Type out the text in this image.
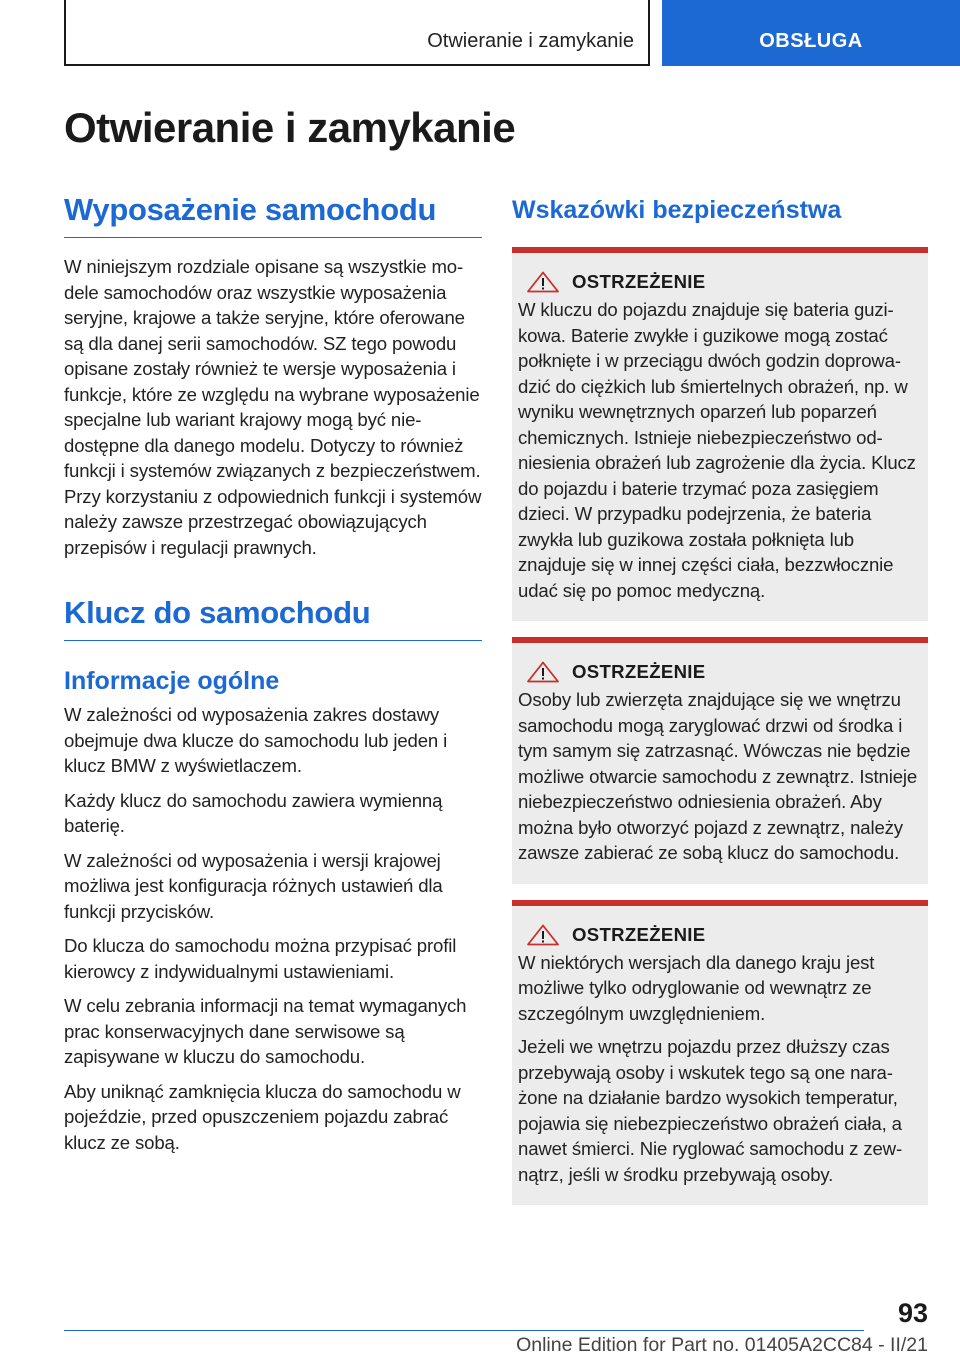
Otwieranie i zamykanie	OBSŁUGA
Otwieranie i zamykanie
Wyposażenie samochodu
W niniejszym rozdziale opisane są wszystkie modele samochodów oraz wszystkie wyposażenia seryjne, krajowe a także seryjne, które oferowane są dla danej serii samochodów. SZ tego powodu opisane zostały również te wersje wyposażenia i funkcje, które ze względu na wybrane wyposażenie specjalne lub wariant krajowy mogą być niedostępne dla danego modelu. Dotyczy to również funkcji i systemów związanych z bezpieczeństwem. Przy korzystaniu z odpowiednich funkcji i systemów należy zawsze przestrzegać obowiązujących przepisów i regulacji prawnych.
Klucz do samochodu
Informacje ogólne
W zależności od wyposażenia zakres dostawy obejmuje dwa klucze do samochodu lub jeden i klucz BMW z wyświetlaczem.
Każdy klucz do samochodu zawiera wymienną baterię.
W zależności od wyposażenia i wersji krajowej możliwa jest konfiguracja różnych ustawień dla funkcji przycisków.
Do klucza do samochodu można przypisać profil kierowcy z indywidualnymi ustawieniami.
W celu zebrania informacji na temat wymaganych prac konserwacyjnych dane serwisowe są zapisywane w kluczu do samochodu.
Aby uniknąć zamknięcia klucza do samochodu w pojeździe, przed opuszczeniem pojazdu zabrać klucz ze sobą.
Wskazówki bezpieczeństwa
OSTRZEŻENIE
W kluczu do pojazdu znajduje się bateria guzikowa. Baterie zwykłe i guzikowe mogą zostać połknięte i w przeciągu dwóch godzin doprowadzić do ciężkich lub śmiertelnych obrażeń, np. w wyniku wewnętrznych oparzeń lub poparzeń chemicznych. Istnieje niebezpieczeństwo odniesienia obrażeń lub zagrożenie dla życia. Klucz do pojazdu i baterie trzymać poza zasięgiem dzieci. W przypadku podejrzenia, że bateria zwykła lub guzikowa została połknięta lub znajduje się w innej części ciała, bezzwłocznie udać się po pomoc medyczną.
OSTRZEŻENIE
Osoby lub zwierzęta znajdujące się we wnętrzu samochodu mogą zaryglować drzwi od środka i tym samym się zatrzasnąć. Wówczas nie będzie możliwe otwarcie samochodu z zewnątrz. Istnieje niebezpieczeństwo odniesienia obrażeń. Aby można było otworzyć pojazd z zewnątrz, należy zawsze zabierać ze sobą klucz do samochodu.
OSTRZEŻENIE
W niektórych wersjach dla danego kraju jest możliwe tylko odryglowanie od wewnątrz ze szczególnym uwzględnieniem.
Jeżeli we wnętrzu pojazdu przez dłuższy czas przebywają osoby i wskutek tego są one narażone na działanie bardzo wysokich temperatur, pojawia się niebezpieczeństwo obrażeń ciała, a nawet śmierci. Nie ryglować samochodu z zewnątrz, jeśli w środku przebywają osoby.
93
Online Edition for Part no. 01405A2CC84 - II/21
